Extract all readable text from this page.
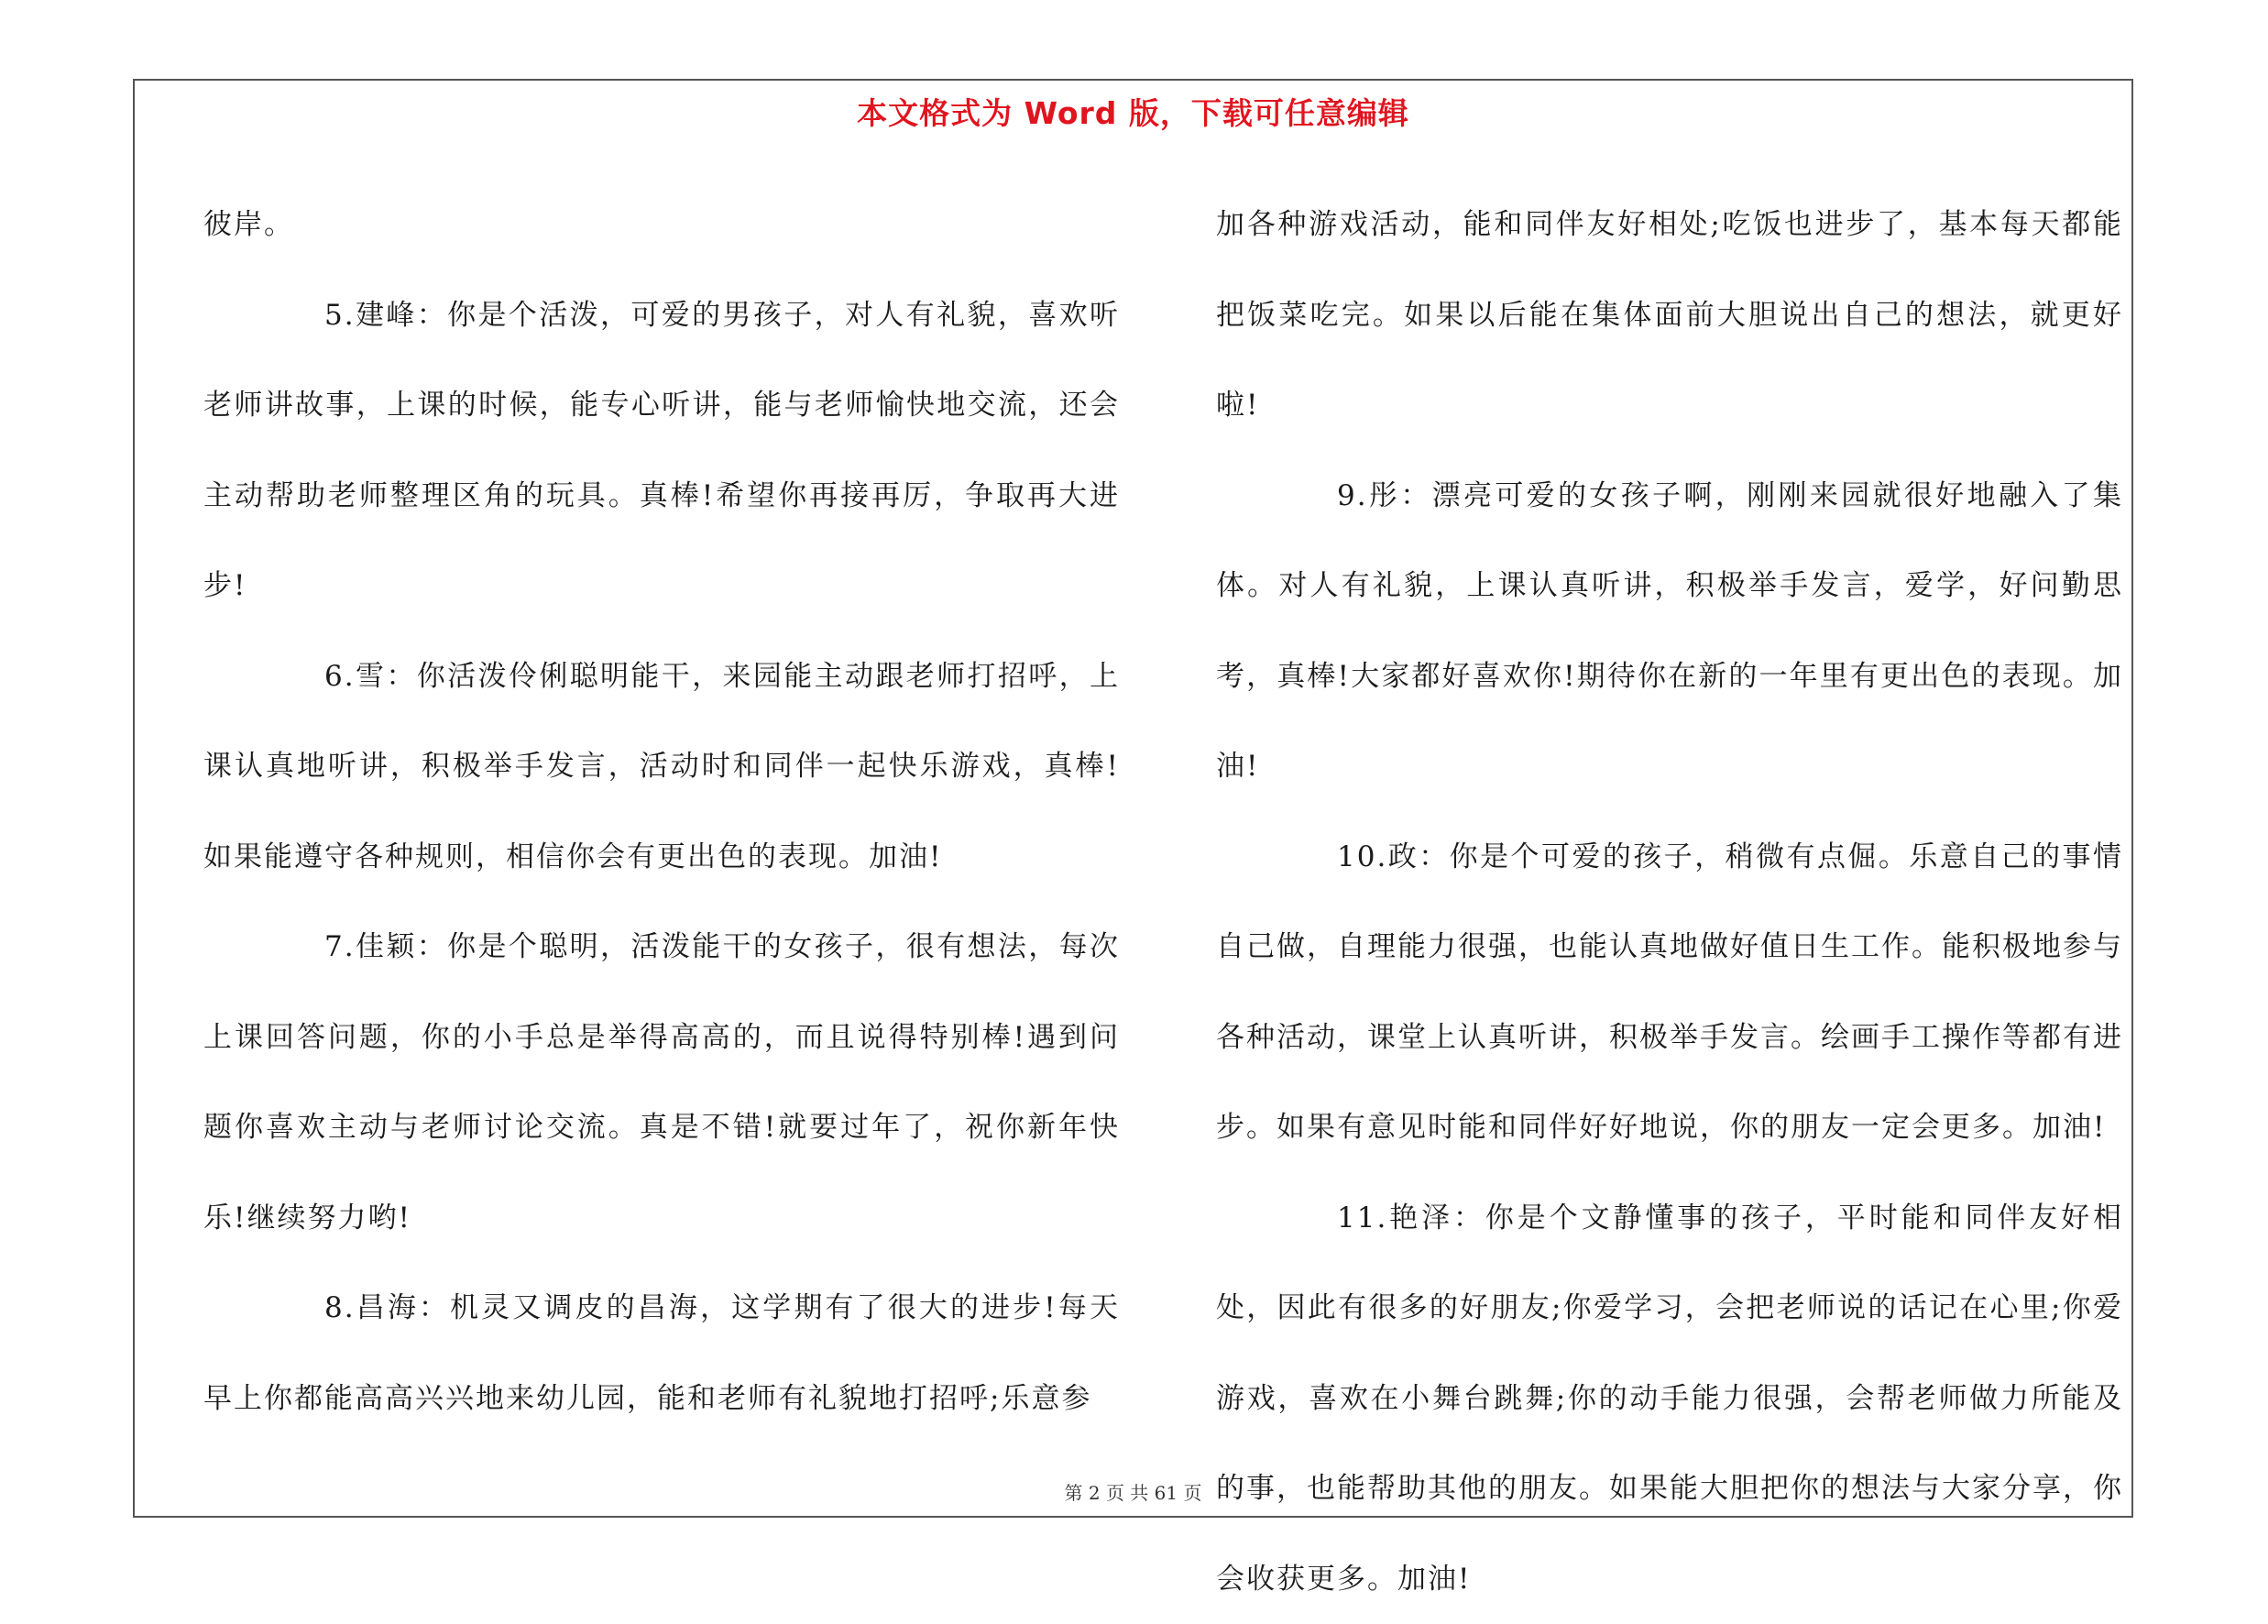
本文格式为 Word 版，下载可任意编辑

彼岸。

5.建峰：你是个活泼，可爱的男孩子，对人有礼貌，喜欢听老师讲故事，上课的时候，能专心听讲，能与老师愉快地交流，还会主动帮助老师整理区角的玩具。真棒!希望你再接再厉，争取再大进步!

6.雪：你活泼伶俐聪明能干，来园能主动跟老师打招呼，上课认真地听讲，积极举手发言，活动时和同伴一起快乐游戏，真棒!如果能遵守各种规则，相信你会有更出色的表现。加油!

7.佳颖：你是个聪明，活泼能干的女孩子，很有想法，每次上课回答问题，你的小手总是举得高高的，而且说得特别棒!遇到问题你喜欢主动与老师讨论交流。真是不错!就要过年了，祝你新年快乐!继续努力哟!

8.昌海：机灵又调皮的昌海，这学期有了很大的进步!每天早上你都能高高兴兴地来幼儿园，能和老师有礼貌地打招呼;乐意参

加各种游戏活动，能和同伴友好相处;吃饭也进步了，基本每天都能把饭菜吃完。如果以后能在集体面前大胆说出自己的想法，就更好啦!

9.彤：漂亮可爱的女孩子啊，刚刚来园就很好地融入了集体。对人有礼貌，上课认真听讲，积极举手发言，爱学，好问勤思考，真棒!大家都好喜欢你!期待你在新的一年里有更出色的表现。加油!

10.政：你是个可爱的孩子，稍微有点倔。乐意自己的事情自己做，自理能力很强，也能认真地做好值日生工作。能积极地参与各种活动，课堂上认真听讲，积极举手发言。绘画手工操作等都有进步。如果有意见时能和同伴好好地说，你的朋友一定会更多。加油!

11.艳泽：你是个文静懂事的孩子，平时能和同伴友好相处，因此有很多的好朋友;你爱学习，会把老师说的话记在心里;你爱游戏，喜欢在小舞台跳舞;你的动手能力很强，会帮老师做力所能及的事，也能帮助其他的朋友。如果能大胆把你的想法与大家分享，你会收获更多。加油!

第 2 页 共 61 页
